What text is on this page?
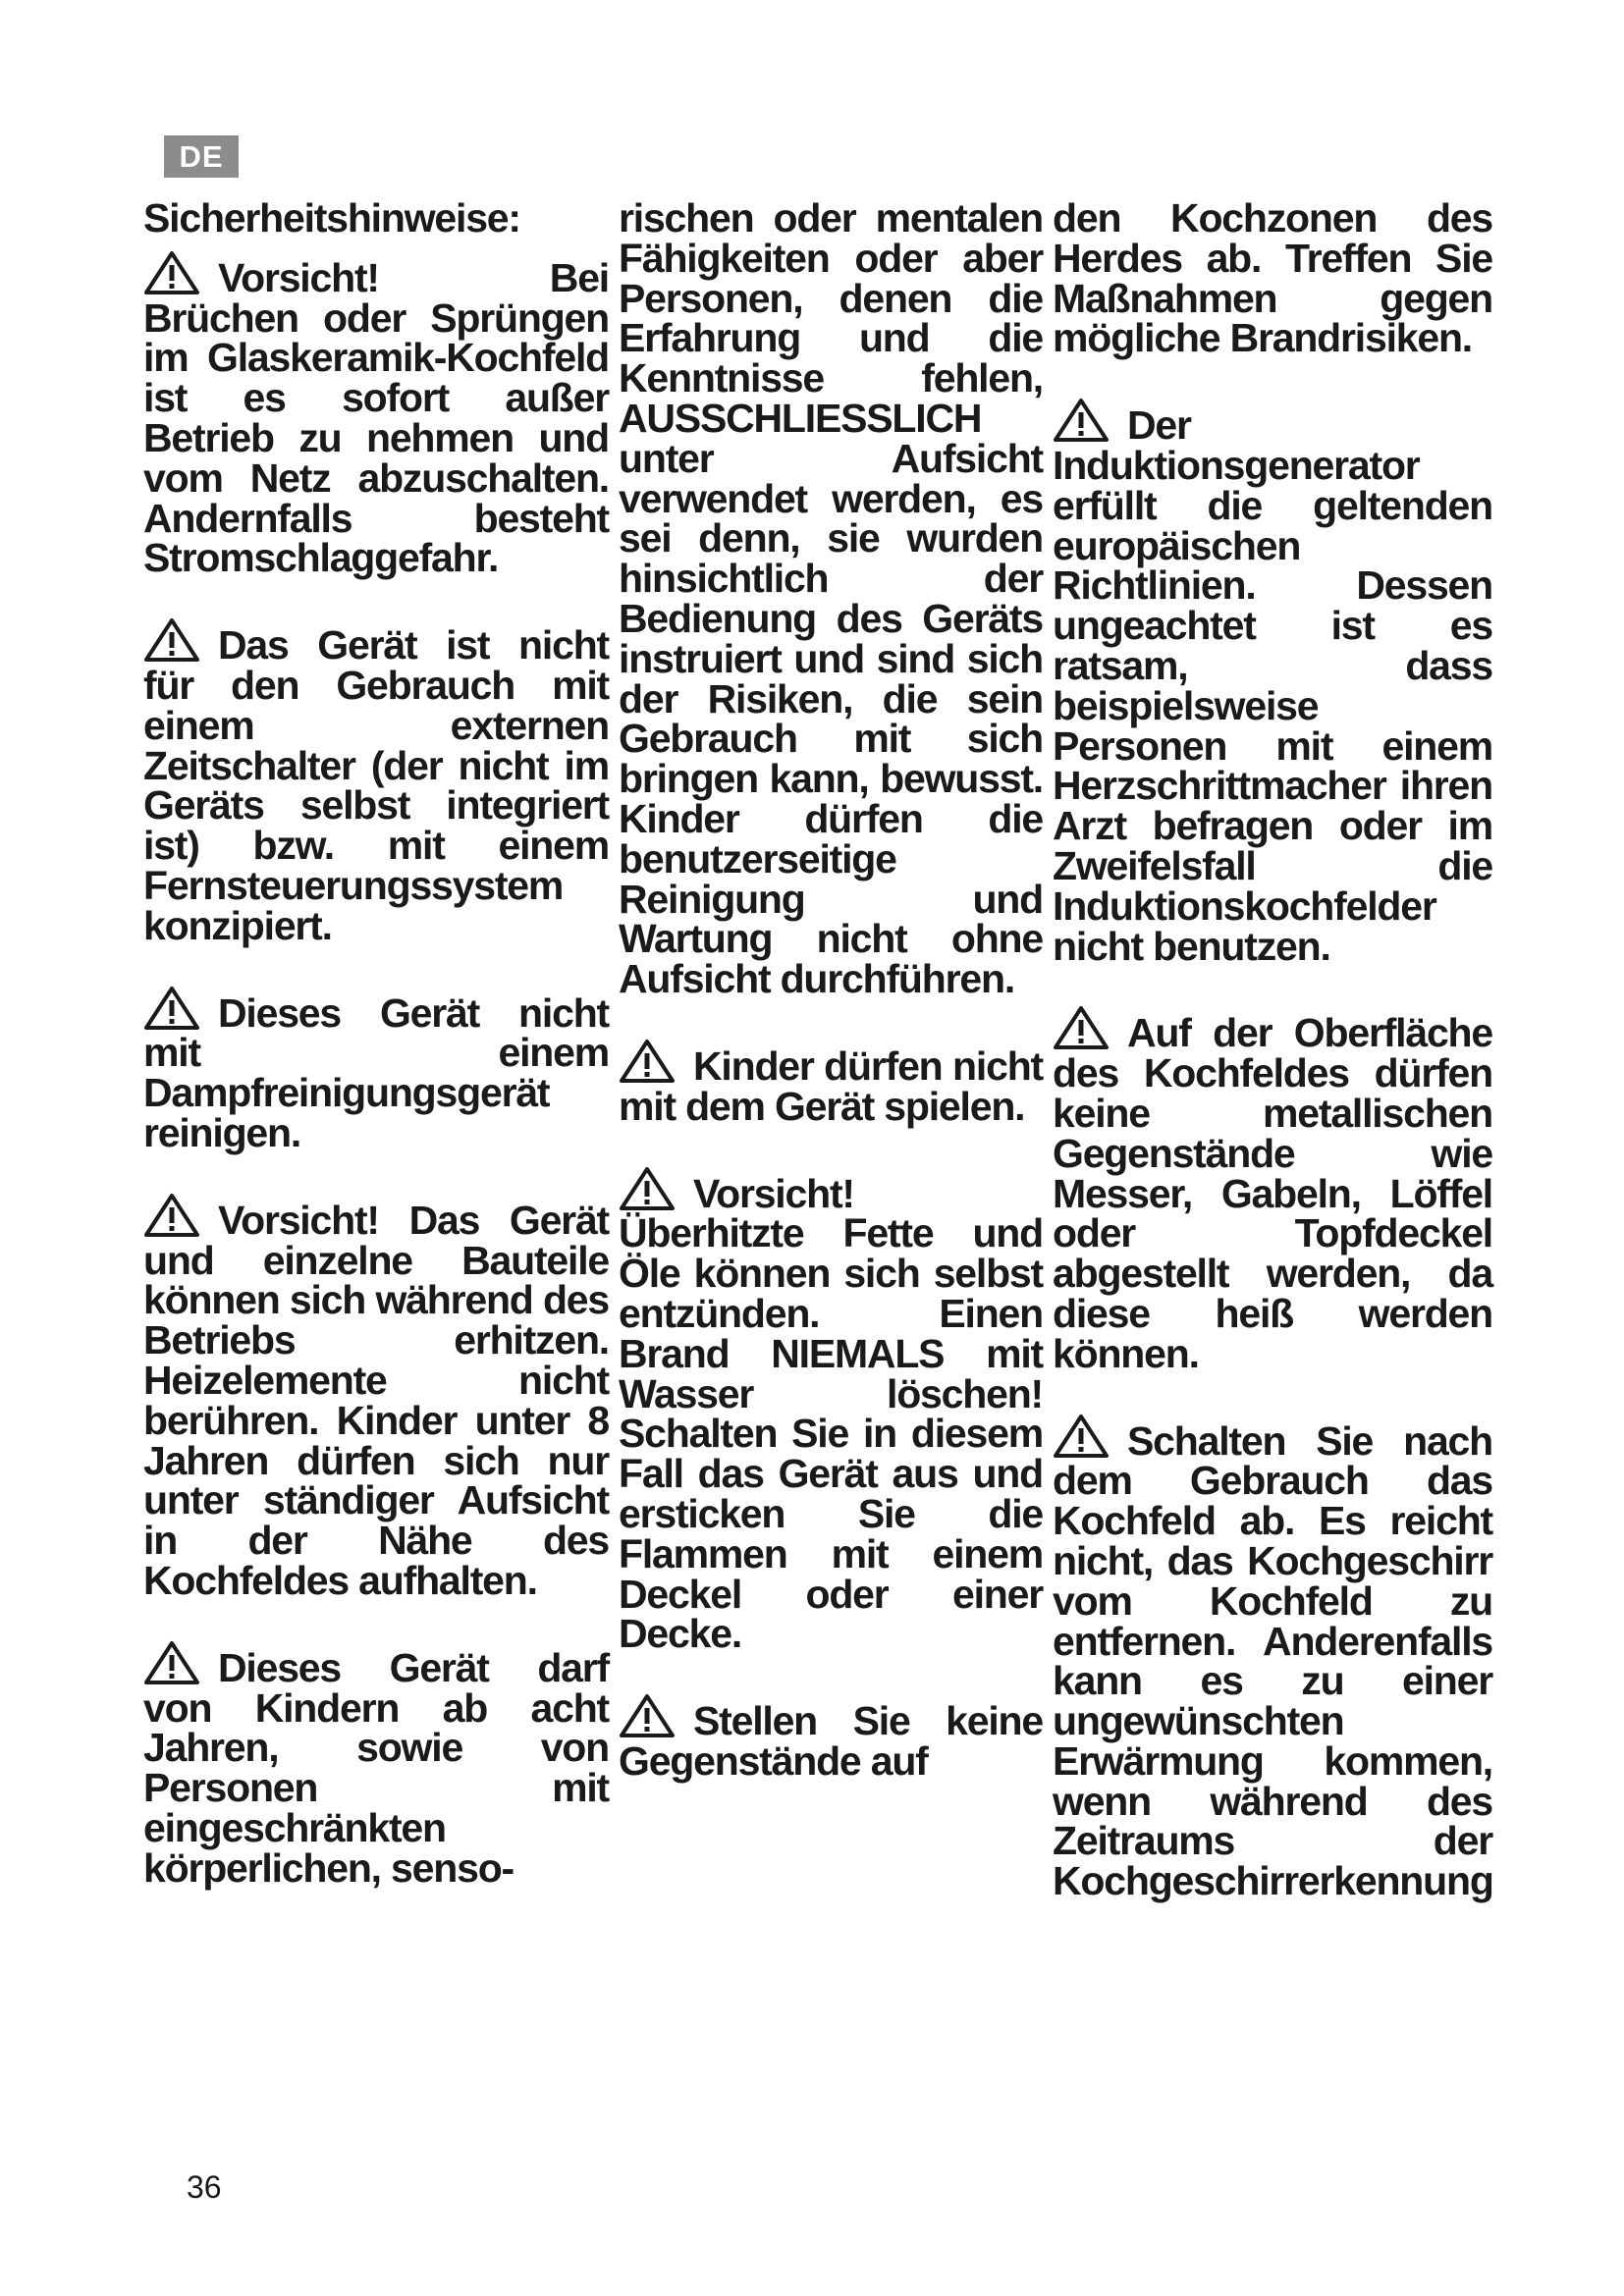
DE
Sicherheitshinweise:

Vorsicht! Bei Brüchen oder Sprüngen im Glaskeramik-Kochfeld ist es sofort außer Betrieb zu nehmen und vom Netz abzuschalten. Andernfalls besteht Stromschlaggefahr.

Das Gerät ist nicht für den Gebrauch mit einem externen Zeitschalter (der nicht im Geräts selbst integriert ist) bzw. mit einem Fernsteuerungssystem konzipiert.

Dieses Gerät nicht mit einem Dampfreinigungsgerät reinigen.

Vorsicht! Das Gerät und einzelne Bauteile können sich während des Betriebs erhitzen. Heizelemente nicht berühren. Kinder unter 8 Jahren dürfen sich nur unter ständiger Aufsicht in der Nähe des Kochfeldes aufhalten.

Dieses Gerät darf von Kindern ab acht Jahren, sowie von Personen mit eingeschränkten körperlichen, senso-

rischen oder mentalen Fähigkeiten oder aber Personen, denen die Erfahrung und die Kenntnisse fehlen, AUSSCHLIESSLICH unter Aufsicht verwendet werden, es sei denn, sie wurden hinsichtlich der Bedienung des Geräts instruiert und sind sich der Risiken, die sein Gebrauch mit sich bringen kann, bewusst. Kinder dürfen die benutzerseitige Reinigung und Wartung nicht ohne Aufsicht durchführen.

Kinder dürfen nicht mit dem Gerät spielen.

Vorsicht! Überhitzte Fette und Öle können sich selbst entzünden. Einen Brand NIEMALS mit Wasser löschen! Schalten Sie in diesem Fall das Gerät aus und ersticken Sie die Flammen mit einem Deckel oder einer Decke.

Stellen Sie keine Gegenstände auf

den Kochzonen des Herdes ab. Treffen Sie Maßnahmen gegen mögliche Brandrisiken.

Der Induktionsgenerator erfüllt die geltenden europäischen Richtlinien. Dessen ungeachtet ist es ratsam, dass beispielsweise Personen mit einem Herzschrittmacher ihren Arzt befragen oder im Zweifelsfall die Induktionskochfelder nicht benutzen.

Auf der Oberfläche des Kochfeldes dürfen keine metallischen Gegenstände wie Messer, Gabeln, Löffel oder Topfdeckel abgestellt werden, da diese heiß werden können.

Schalten Sie nach dem Gebrauch das Kochfeld ab. Es reicht nicht, das Kochgeschirr vom Kochfeld zu entfernen. Anderenfalls kann es zu einer ungewünschten Erwärmung kommen, wenn während des Zeitraums der Kochgeschirrerkennung

36
